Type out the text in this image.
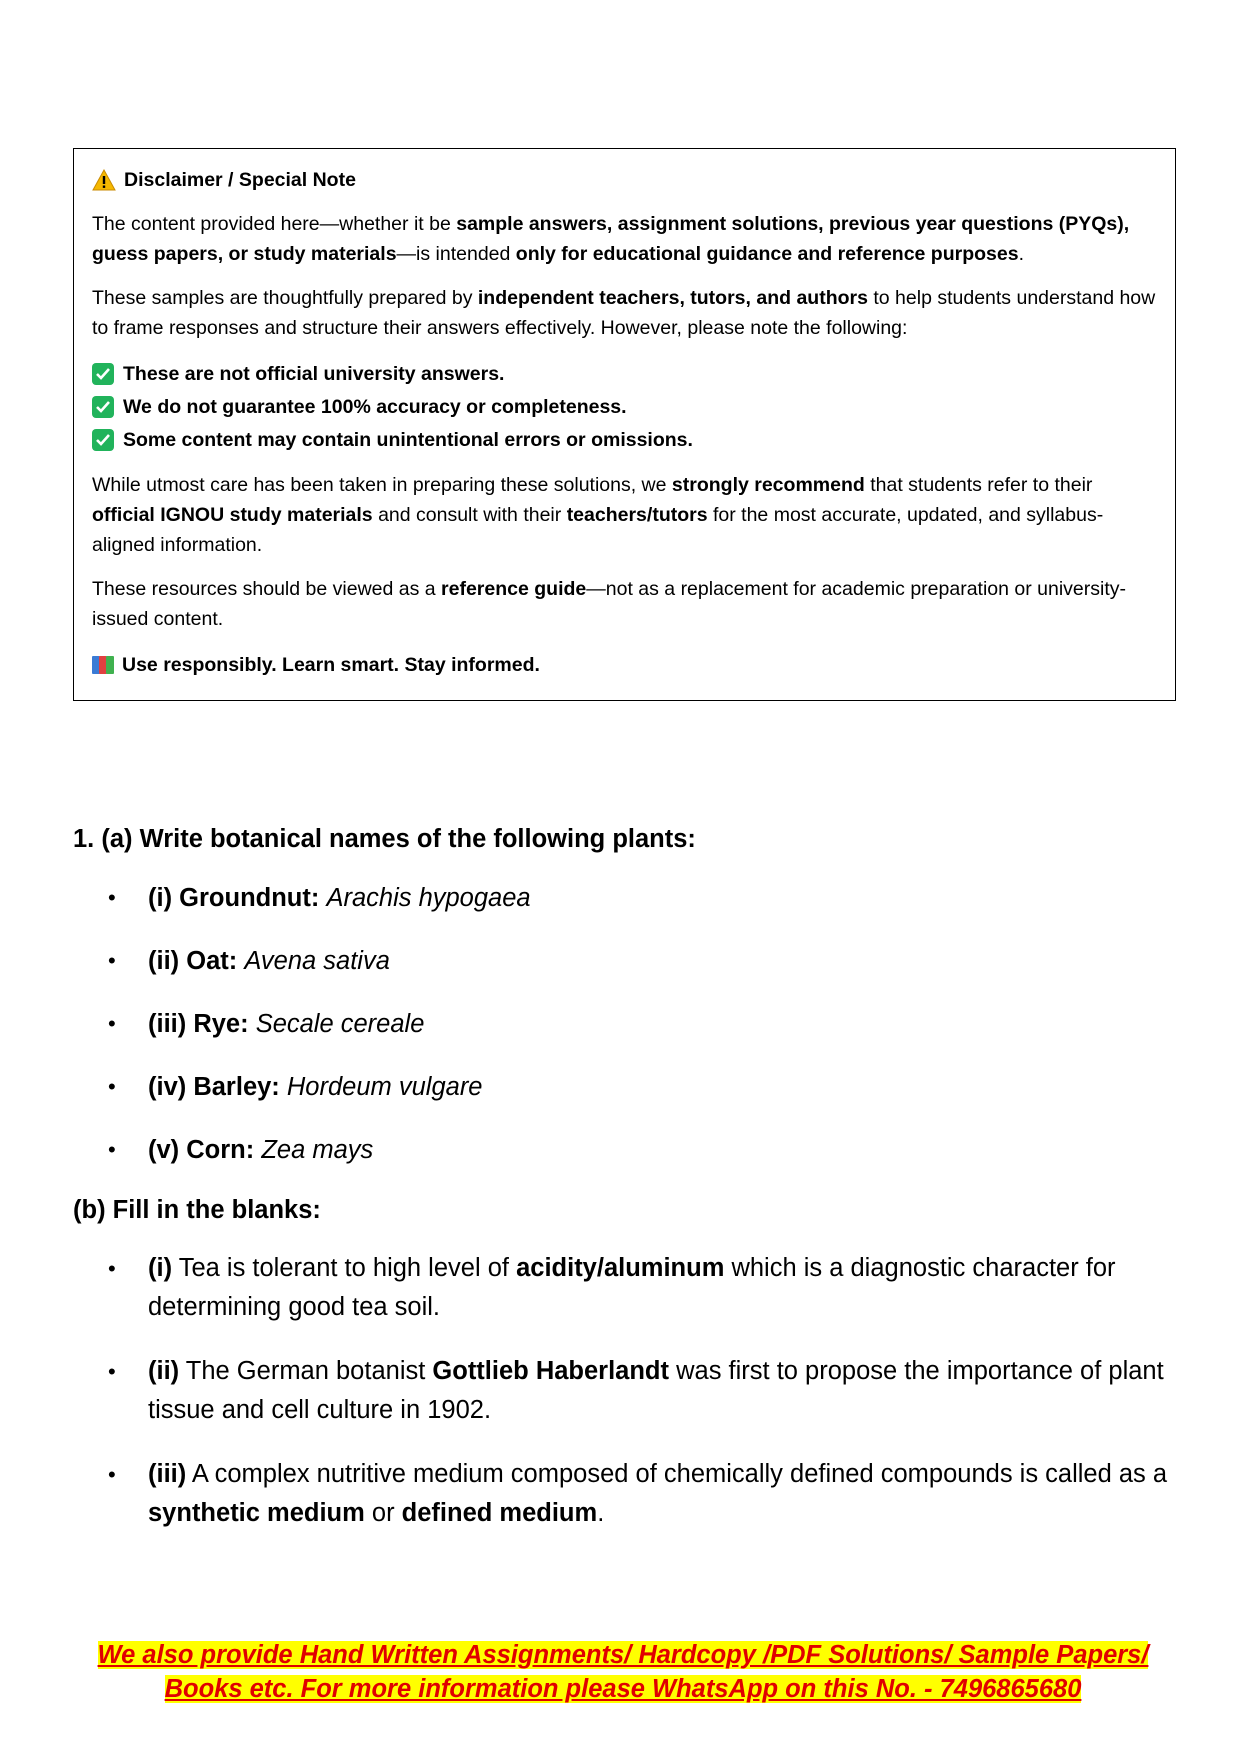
Disclaimer / Special Note

The content provided here—whether it be sample answers, assignment solutions, previous year questions (PYQs), guess papers, or study materials—is intended only for educational guidance and reference purposes.

These samples are thoughtfully prepared by independent teachers, tutors, and authors to help students understand how to frame responses and structure their answers effectively. However, please note the following:

These are not official university answers.
We do not guarantee 100% accuracy or completeness.
Some content may contain unintentional errors or omissions.

While utmost care has been taken in preparing these solutions, we strongly recommend that students refer to their official IGNOU study materials and consult with their teachers/tutors for the most accurate, updated, and syllabus-aligned information.

These resources should be viewed as a reference guide—not as a replacement for academic preparation or university-issued content.

Use responsibly. Learn smart. Stay informed.

1. (a) Write botanical names of the following plants:

• (i) Groundnut: Arachis hypogaea
• (ii) Oat: Avena sativa
• (iii) Rye: Secale cereale
• (iv) Barley: Hordeum vulgare
• (v) Corn: Zea mays

(b) Fill in the blanks:

• (i) Tea is tolerant to high level of acidity/aluminum which is a diagnostic character for determining good tea soil.
• (ii) The German botanist Gottlieb Haberlandt was first to propose the importance of plant tissue and cell culture in 1902.
• (iii) A complex nutritive medium composed of chemically defined compounds is called as a synthetic medium or defined medium.
We also provide Hand Written Assignments/ Hardcopy /PDF Solutions/ Sample Papers/
Books etc. For more information please WhatsApp on this No. - 7496865680
